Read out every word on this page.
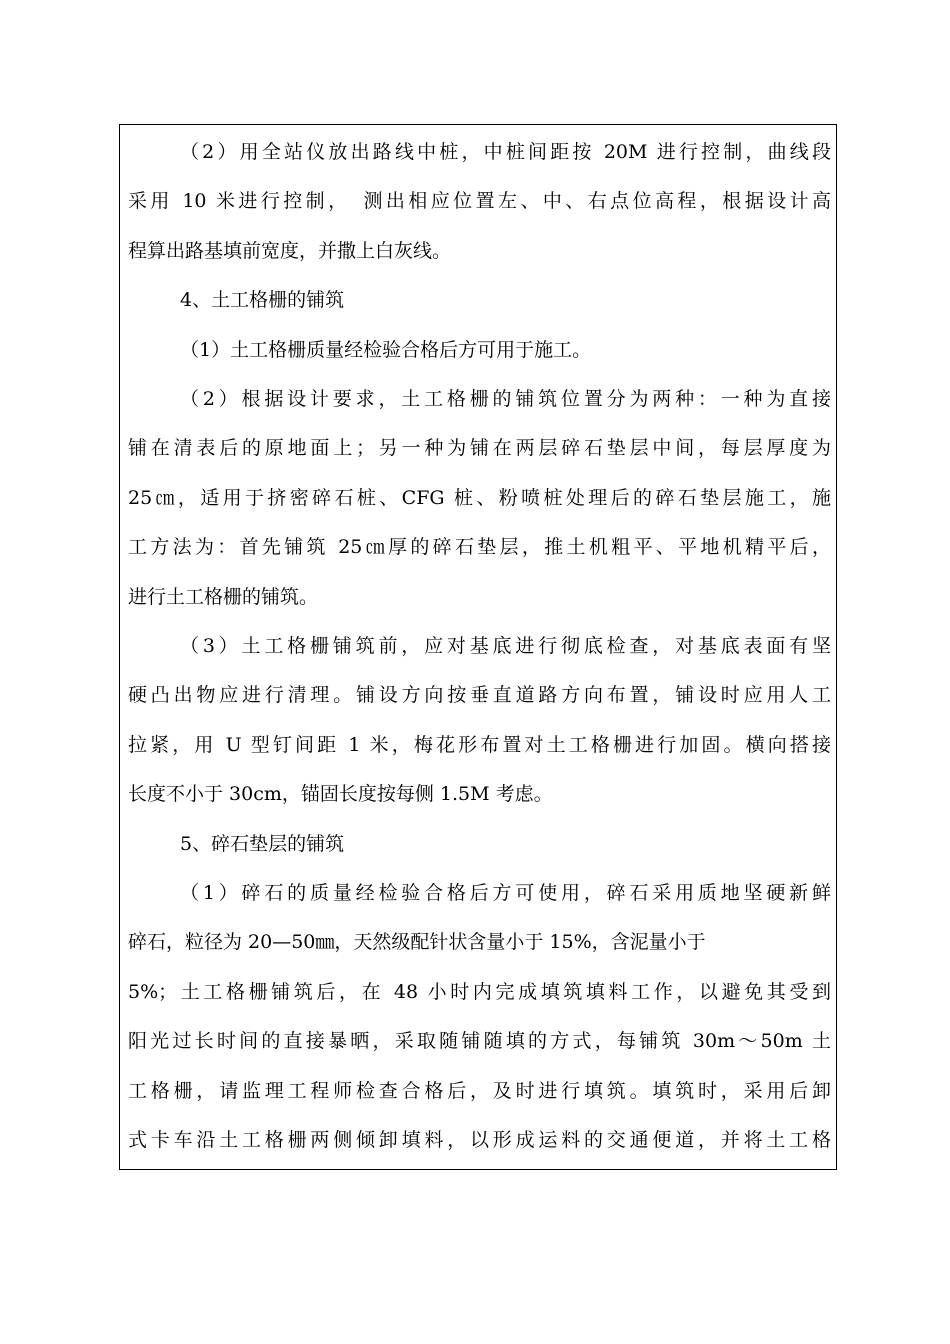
（2）用全站仪放出路线中桩，中桩间距按 20M 进行控制，曲线段
采用 10 米进行控制，　测出相应位置左、中、右点位高程，根据设计高
程算出路基填前宽度，并撒上白灰线。
4、土工格栅的铺筑
（1）土工格栅质量经检验合格后方可用于施工。
（2）根据设计要求，土工格栅的铺筑位置分为两种：一种为直接
铺在清表后的原地面上；另一种为铺在两层碎石垫层中间，每层厚度为
25㎝，适用于挤密碎石桩、CFG 桩、粉喷桩处理后的碎石垫层施工，施
工方法为：首先铺筑 25㎝厚的碎石垫层，推土机粗平、平地机精平后，
进行土工格栅的铺筑。
（3）土工格栅铺筑前，应对基底进行彻底检查，对基底表面有坚
硬凸出物应进行清理。铺设方向按垂直道路方向布置，铺设时应用人工
拉紧，用 U 型钉间距 1 米，梅花形布置对土工格栅进行加固。横向搭接
长度不小于 30cm，锚固长度按每侧 1.5M 考虑。
5、碎石垫层的铺筑
（1）碎石的质量经检验合格后方可使用，碎石采用质地坚硬新鲜
碎石，粒径为 20—50㎜，天然级配针状含量小于 15%，含泥量小于
5%；土工格栅铺筑后，在 48 小时内完成填筑填料工作，以避免其受到
阳光过长时间的直接暴晒，采取随铺随填的方式，每铺筑 30m～50m 土
工格栅，请监理工程师检查合格后，及时进行填筑。填筑时，采用后卸
式卡车沿土工格栅两侧倾卸填料，以形成运料的交通便道，并将土工格
